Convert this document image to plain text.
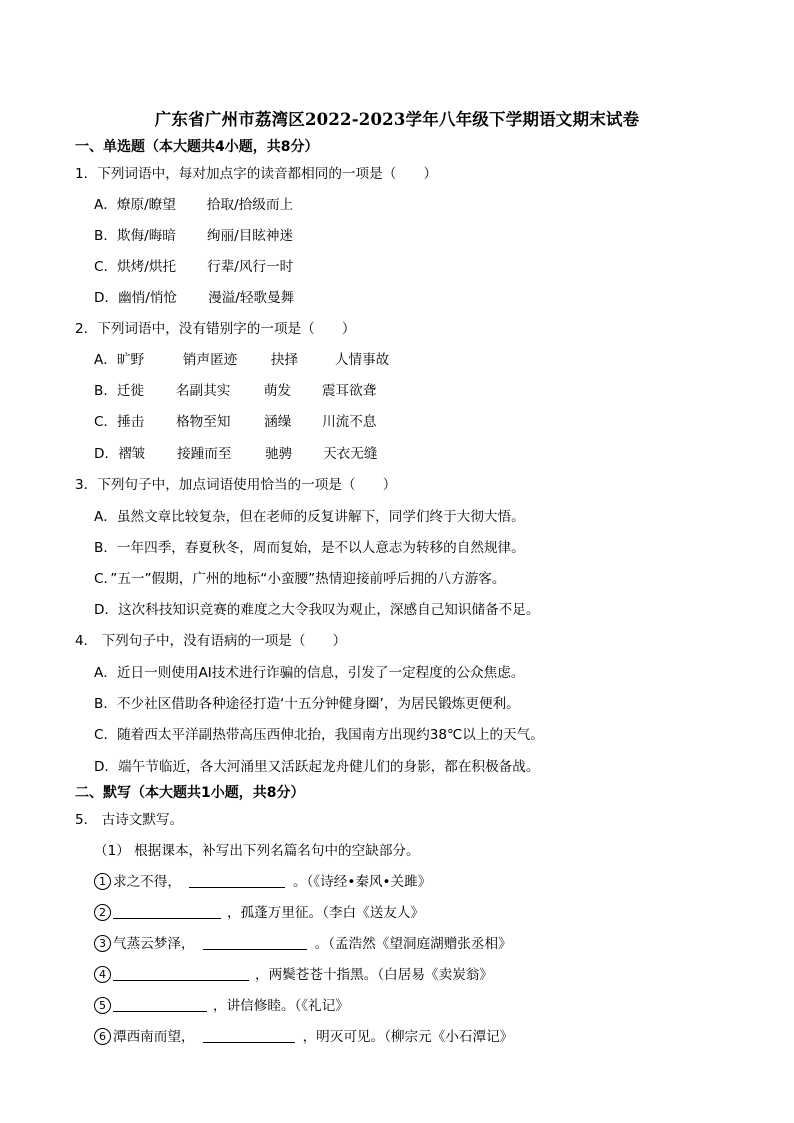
广东省广州市荔湾区2022-2023学年八年级下学期语文期末试卷
一、单选题（本大题共4小题，共8分）
1．下列词语中，每对加点字的读音都相同的一项是（　　）
A．燎原/瞭望 拾取/拾级而上
B．欺侮/晦暗 绚丽/目眩神迷
C．烘烤/烘托 行辈/风行一时
D．幽悄/悄怆 漫溢/轻歌曼舞
2．下列词语中，没有错别字的一项是（　　）
A．旷野	销声匿迹 抉择	人情事故
B．迁徙 名副其实 萌发 震耳欲聋
C．捶击 格物至知 涵缲 川流不息
D．褶皱 接踵而至 驰骋 天衣无缝
3．下列句子中，加点词语使用恰当的一项是（　　）
A．虽然文章比较复杂，但在老师的反复讲解下，同学们终于大彻大悟。
B．一年四季，春夏秋冬，周而复始，是不以人意志为转移的自然规律。
C．”五一”假期，广州的地标“小蛮腰”热情迎接前呼后拥的八方游客。
D．这次科技知识竞赛的难度之大令我叹为观止，深感自己知识储备不足。
4． 下列句子中，没有语病的一项是（　　）
A．近日一则使用AI技术进行诈骗的信息，引发了一定程度的公众焦虑。
B．不少社区借助各种途径打造‘十五分钟健身圈’，为居民锻炼更便利。
C．随着西太平洋副热带高压西伸北抬，我国南方出现约38℃以上的天气。
D．端午节临近，各大河涌里又活跃起龙舟健儿们的身影，都在积极备战。
二、默写（本大题共1小题，共8分）
5． 古诗文默写。
（1） 根据课本，补写出下列名篇名句中的空缺部分。
1 求之不得，	。（《诗经•秦风•关雎》
2	，孤蓬万里征。（李白《送友人》
3 气蒸云梦泽，	。（孟浩然《望洞庭湖赠张丞相》
4	，两鬓苍苍十指黑。（白居易《卖炭翁》
5	，讲信修睦。（《礼记》
6 潭西南而望，	，明灭可见。（柳宗元《小石潭记》
